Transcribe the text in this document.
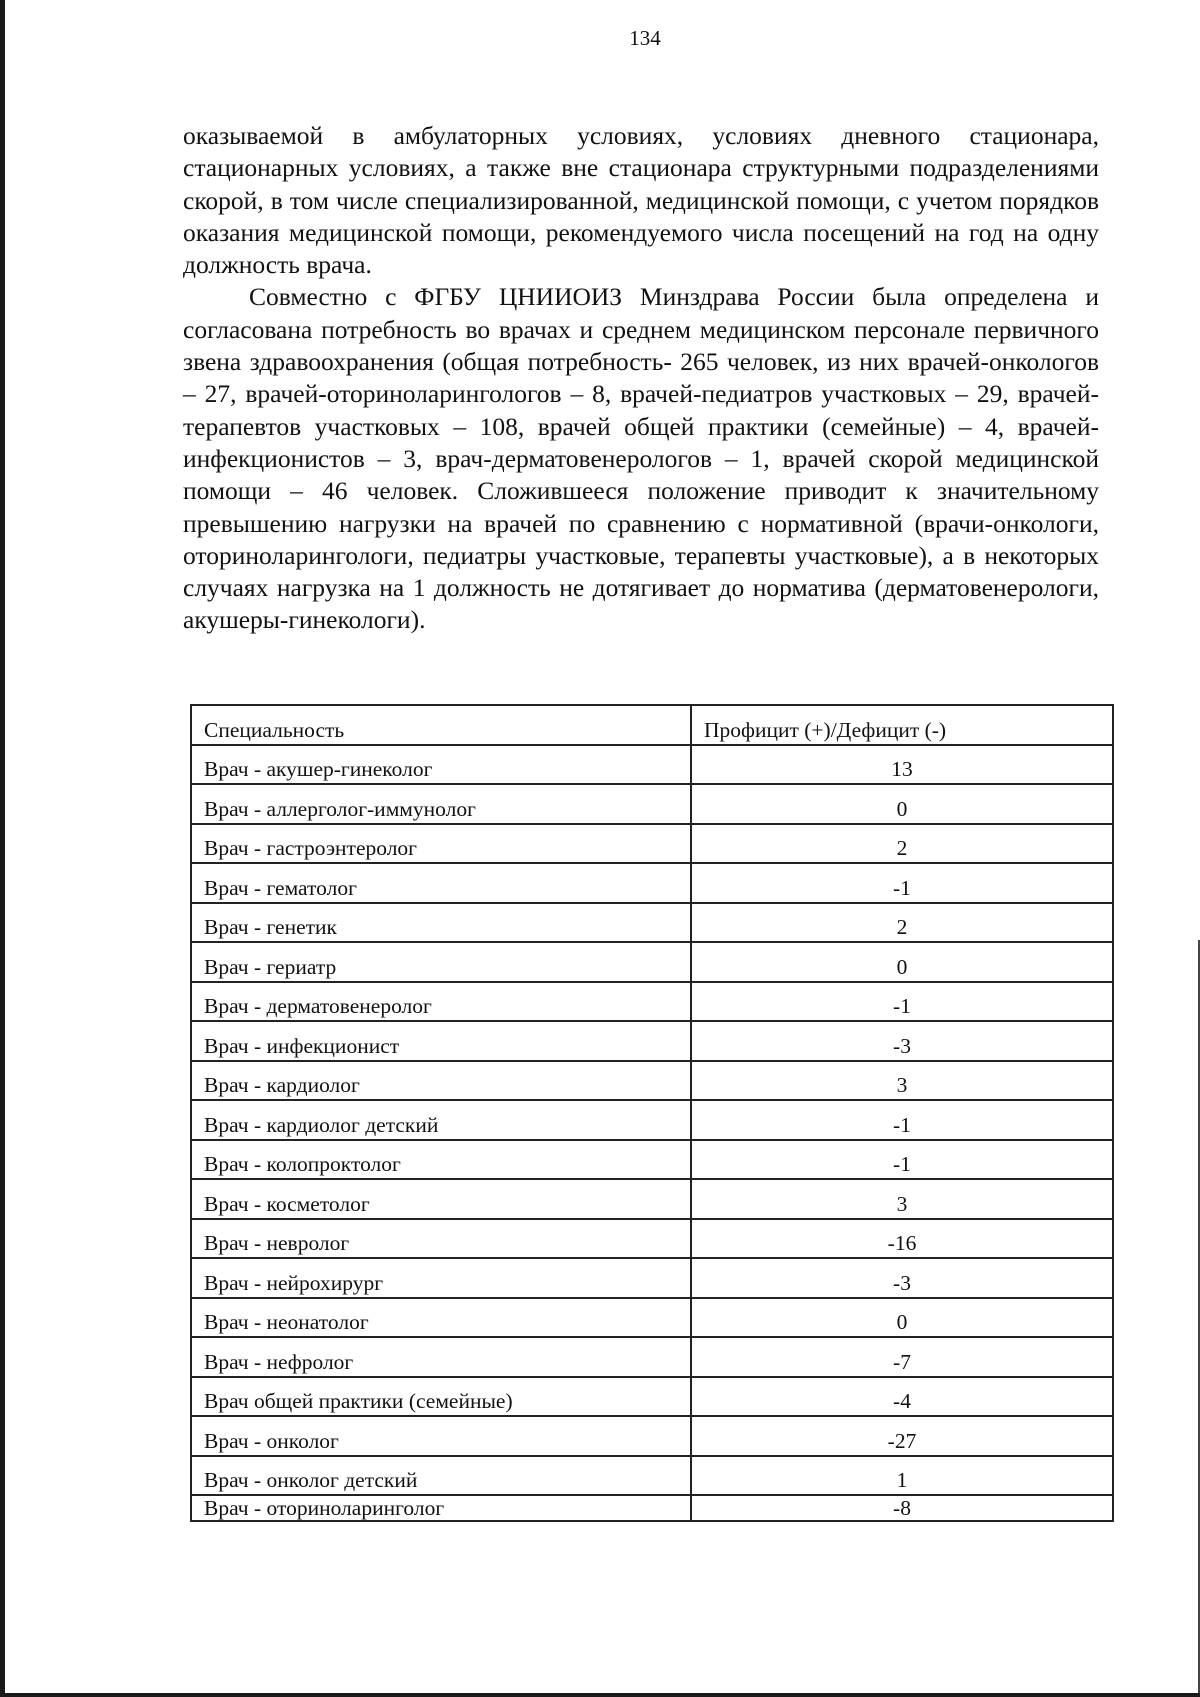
134

оказываемой в амбулаторных условиях, условиях дневного стационара, стационарных условиях, а также вне стационара структурными подразделениями скорой, в том числе специализированной, медицинской помощи, с учетом порядков оказания медицинской помощи, рекомендуемого числа посещений на год на одну должность врача.

Совместно с ФГБУ ЦНИИОИЗ Минздрава России была определена и согласована потребность во врачах и среднем медицинском персонале первичного звена здравоохранения (общая потребность- 265 человек, из них врачей-онкологов – 27, врачей-оториноларингологов – 8, врачей-педиатров участковых – 29, врачей-терапевтов участковых – 108, врачей общей практики (семейные) – 4, врачей-инфекционистов – 3, врач-дерматовенерологов – 1, врачей скорой медицинской помощи – 46 человек. Сложившееся положение приводит к значительному превышению нагрузки на врачей по сравнению с нормативной (врачи-онкологи, оториноларингологи, педиатры участковые, терапевты участковые), а в некоторых случаях нагрузка на 1 должность не дотягивает до норматива (дерматовенерологи, акушеры-гинекологи).

Специальность	Профицит (+)/Дефицит (-)
Врач - акушер-гинеколог	13
Врач - аллерголог-иммунолог	0
Врач - гастроэнтеролог	2
Врач - гематолог	-1
Врач - генетик	2
Врач - гериатр	0
Врач - дерматовенеролог	-1
Врач - инфекционист	-3
Врач - кардиолог	3
Врач - кардиолог детский	-1
Врач - колопроктолог	-1
Врач - косметолог	3
Врач - невролог	-16
Врач - нейрохирург	-3
Врач - неонатолог	0
Врач - нефролог	-7
Врач общей практики (семейные)	-4
Врач - онколог	-27
Врач - онколог детский	1
Врач - оториноларинголог	-8
